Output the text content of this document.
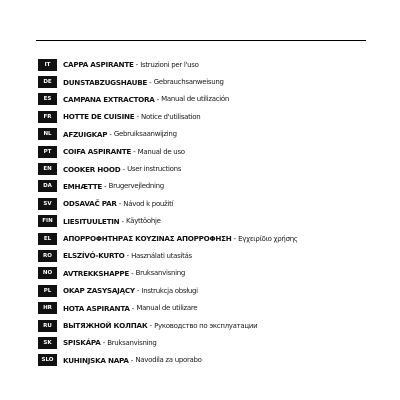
IT	CAPPA ASPIRANTE - Istruzioni per l'uso
DE	DUNSTABZUGSHAUBE - Gebrauchsanweisung
ES	CAMPANA EXTRACTORA - Manual de utilización
FR	HOTTE DE CUISINE - Notice d'utilisation
NL	AFZUIGKAP - Gebruiksaanwijzing
PT	COIFA ASPIRANTE - Manual de uso
EN	COOKER HOOD - User instructions
DA	EMHÆTTE - Brugervejledning
SV	ODSAVAČ PAR - Návod k použití
FIN	LIESITUULETIN - Käyttöohje
EL	ΑΠΟΡΡΟΦΗΤΗΡΑΣ ΚΟΥΖΙΝΑΣ ΑΠΟΡΡΟΦΗΣΗ - Εγχειρίδιο χρήσης
RO	ELSZÍVÓ-KURTO - Használati utasítás
NO	AVTREKKSHAPPE - Bruksanvisning
PL	OKAP ZASYSAJĄCY - Instrukcja obsługi
HR	HOTA ASPIRANTA - Manual de utilizare
RU	ВЫТЯЖНОЙ КОЛПАК - Руководство по эксплуатации
SK	SPISKÁPA - Bruksanvisning
SLO	KUHINJSKA NAPA - Navodila za uporabo
